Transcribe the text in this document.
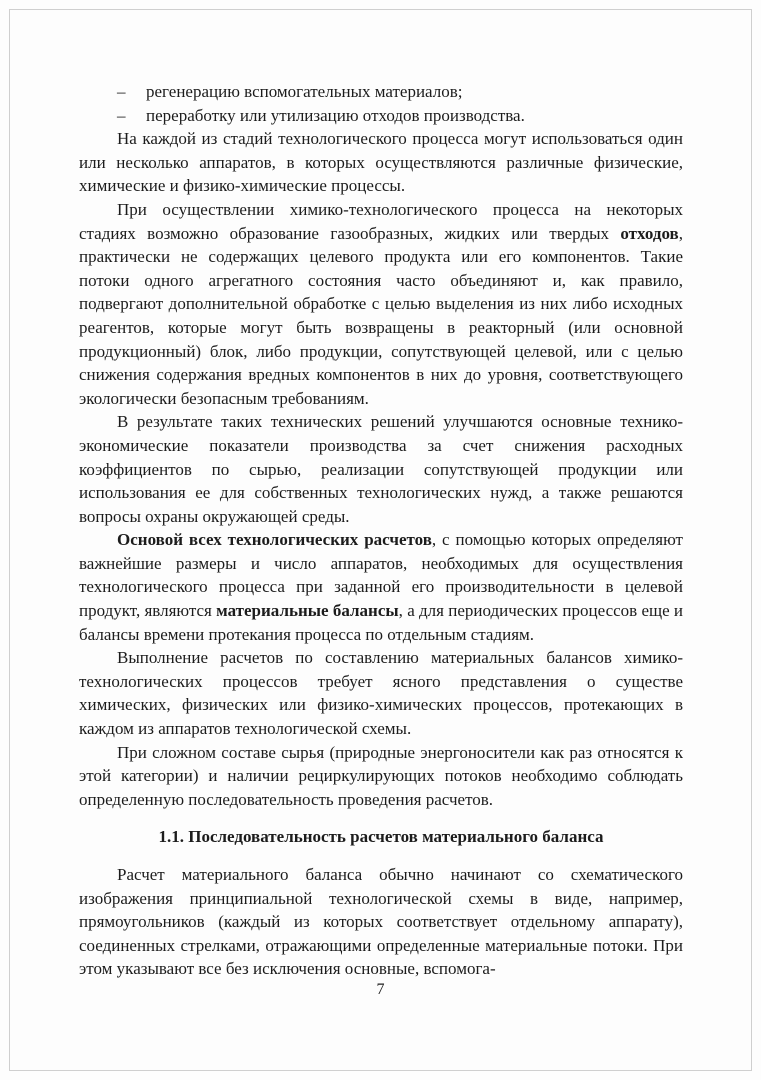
– регенерацию вспомогательных материалов;
– переработку или утилизацию отходов производства.
На каждой из стадий технологического процесса могут использоваться один или несколько аппаратов, в которых осуществляются различные физические, химические и физико-химические процессы.
При осуществлении химико-технологического процесса на некоторых стадиях возможно образование газообразных, жидких или твердых отходов, практически не содержащих целевого продукта или его компонентов. Такие потоки одного агрегатного состояния часто объединяют и, как правило, подвергают дополнительной обработке с целью выделения из них либо исходных реагентов, которые могут быть возвращены в реакторный (или основной продукционный) блок, либо продукции, сопутствующей целевой, или с целью снижения содержания вредных компонентов в них до уровня, соответствующего экологически безопасным требованиям.
В результате таких технических решений улучшаются основные технико-экономические показатели производства за счет снижения расходных коэффициентов по сырью, реализации сопутствующей продукции или использования ее для собственных технологических нужд, а также решаются вопросы охраны окружающей среды.
Основой всех технологических расчетов, с помощью которых определяют важнейшие размеры и число аппаратов, необходимых для осуществления технологического процесса при заданной его производительности в целевой продукт, являются материальные балансы, а для периодических процессов еще и балансы времени протекания процесса по отдельным стадиям.
Выполнение расчетов по составлению материальных балансов химико-технологических процессов требует ясного представления о существе химических, физических или физико-химических процессов, протекающих в каждом из аппаратов технологической схемы.
При сложном составе сырья (природные энергоносители как раз относятся к этой категории) и наличии рециркулирующих потоков необходимо соблюдать определенную последовательность проведения расчетов.
1.1. Последовательность расчетов материального баланса
Расчет материального баланса обычно начинают со схематического изображения принципиальной технологической схемы в виде, например, прямоугольников (каждый из которых соответствует отдельному аппарату), соединенных стрелками, отражающими определенные материальные потоки. При этом указывают все без исключения основные, вспомога-
7
